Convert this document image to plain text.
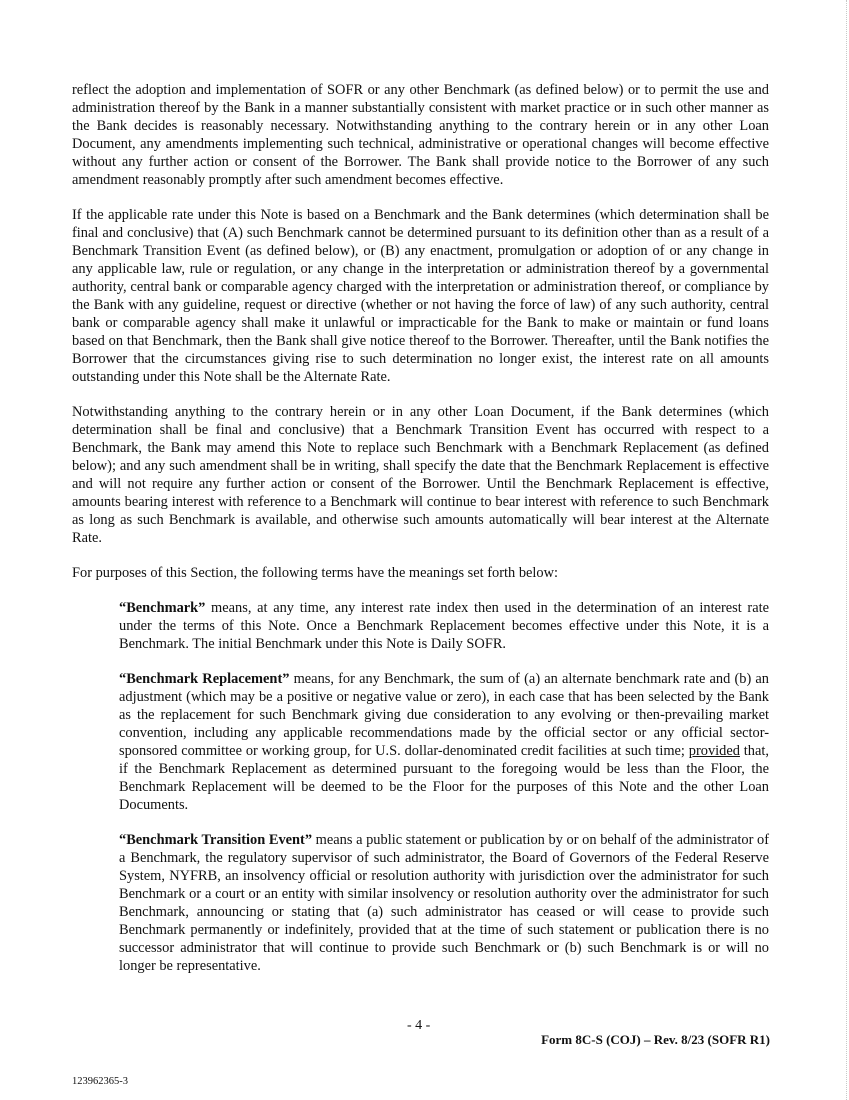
reflect the adoption and implementation of SOFR or any other Benchmark (as defined below) or to permit the use and administration thereof by the Bank in a manner substantially consistent with market practice or in such other manner as the Bank decides is reasonably necessary. Notwithstanding anything to the contrary herein or in any other Loan Document, any amendments implementing such technical, administrative or operational changes will become effective without any further action or consent of the Borrower. The Bank shall provide notice to the Borrower of any such amendment reasonably promptly after such amendment becomes effective.

If the applicable rate under this Note is based on a Benchmark and the Bank determines (which determination shall be final and conclusive) that (A) such Benchmark cannot be determined pursuant to its definition other than as a result of a Benchmark Transition Event (as defined below), or (B) any enactment, promulgation or adoption of or any change in any applicable law, rule or regulation, or any change in the interpretation or administration thereof by a governmental authority, central bank or comparable agency charged with the interpretation or administration thereof, or compliance by the Bank with any guideline, request or directive (whether or not having the force of law) of any such authority, central bank or comparable agency shall make it unlawful or impracticable for the Bank to make or maintain or fund loans based on that Benchmark, then the Bank shall give notice thereof to the Borrower. Thereafter, until the Bank notifies the Borrower that the circumstances giving rise to such determination no longer exist, the interest rate on all amounts outstanding under this Note shall be the Alternate Rate.

Notwithstanding anything to the contrary herein or in any other Loan Document, if the Bank determines (which determination shall be final and conclusive) that a Benchmark Transition Event has occurred with respect to a Benchmark, the Bank may amend this Note to replace such Benchmark with a Benchmark Replacement (as defined below); and any such amendment shall be in writing, shall specify the date that the Benchmark Replacement is effective and will not require any further action or consent of the Borrower. Until the Benchmark Replacement is effective, amounts bearing interest with reference to a Benchmark will continue to bear interest with reference to such Benchmark as long as such Benchmark is available, and otherwise such amounts automatically will bear interest at the Alternate Rate.

For purposes of this Section, the following terms have the meanings set forth below:

“Benchmark” means, at any time, any interest rate index then used in the determination of an interest rate under the terms of this Note. Once a Benchmark Replacement becomes effective under this Note, it is a Benchmark. The initial Benchmark under this Note is Daily SOFR.

“Benchmark Replacement” means, for any Benchmark, the sum of (a) an alternate benchmark rate and (b) an adjustment (which may be a positive or negative value or zero), in each case that has been selected by the Bank as the replacement for such Benchmark giving due consideration to any evolving or then-prevailing market convention, including any applicable recommendations made by the official sector or any official sector-sponsored committee or working group, for U.S. dollar-denominated credit facilities at such time; provided that, if the Benchmark Replacement as determined pursuant to the foregoing would be less than the Floor, the Benchmark Replacement will be deemed to be the Floor for the purposes of this Note and the other Loan Documents.

“Benchmark Transition Event” means a public statement or publication by or on behalf of the administrator of a Benchmark, the regulatory supervisor of such administrator, the Board of Governors of the Federal Reserve System, NYFRB, an insolvency official or resolution authority with jurisdiction over the administrator for such Benchmark or a court or an entity with similar insolvency or resolution authority over the administrator for such Benchmark, announcing or stating that (a) such administrator has ceased or will cease to provide such Benchmark permanently or indefinitely, provided that at the time of such statement or publication there is no successor administrator that will continue to provide such Benchmark or (b) such Benchmark is or will no longer be representative.

- 4 -
Form 8C-S (COJ) – Rev. 8/23 (SOFR R1)
123962365-3
